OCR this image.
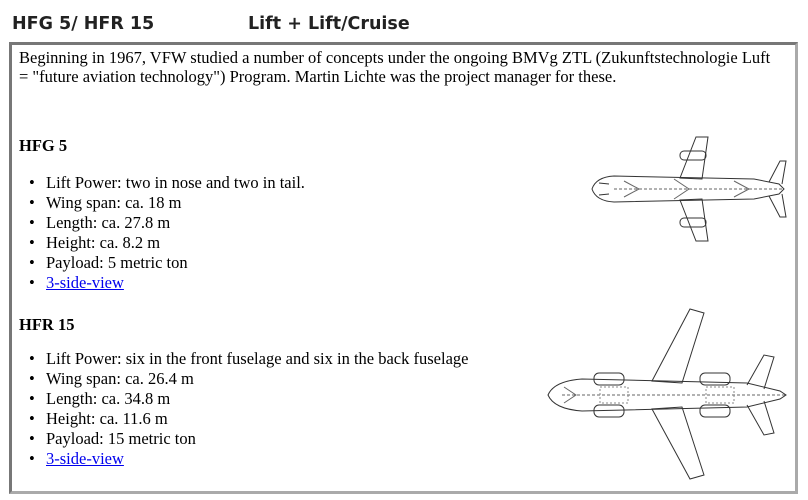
HFG 5/ HFR 15	Lift + Lift/Cruise
Beginning in 1967, VFW studied a number of concepts under the ongoing BMVg ZTL (Zukunftstechnologie Luft = "future aviation technology") Program. Martin Lichte was the project manager for these.
HFG 5
• Lift Power: two in nose and two in tail.
• Wing span: ca. 18 m
• Length: ca. 27.8 m
• Height: ca. 8.2 m
• Payload: 5 metric ton
• 3-side-view
HFR 15
• Lift Power: six in the front fuselage and six in the back fuselage
• Wing span: ca. 26.4 m
• Length: ca. 34.8 m
• Height: ca. 11.6 m
• Payload: 15 metric ton
• 3-side-view
